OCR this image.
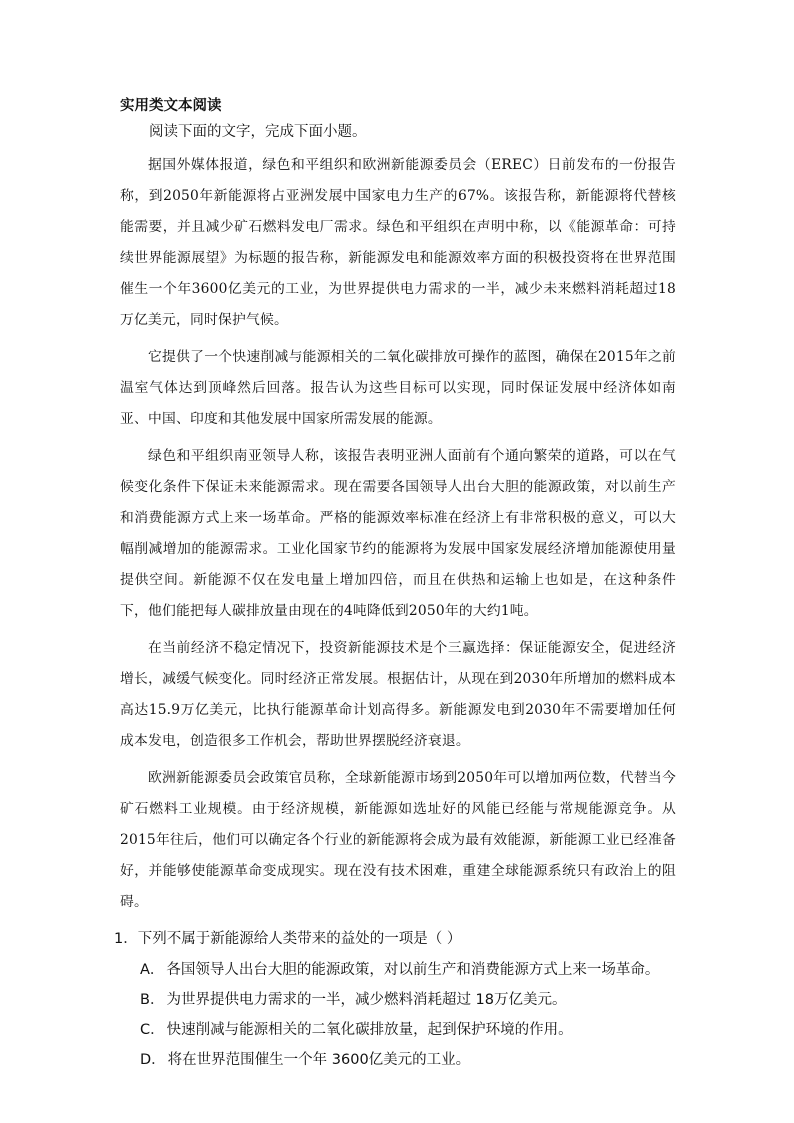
实用类文本阅读
阅读下面的文字，完成下面小题。

据国外媒体报道，绿色和平组织和欧洲新能源委员会（EREC）日前发布的一份报告称，到2050年新能源将占亚洲发展中国家电力生产的67%。该报告称，新能源将代替核能需要，并且减少矿石燃料发电厂需求。绿色和平组织在声明中称，以《能源革命：可持续世界能源展望》为标题的报告称，新能源发电和能源效率方面的积极投资将在世界范围催生一个年3600亿美元的工业，为世界提供电力需求的一半，减少未来燃料消耗超过18万亿美元，同时保护气候。

它提供了一个快速削减与能源相关的二氧化碳排放可操作的蓝图，确保在2015年之前温室气体达到顶峰然后回落。报告认为这些目标可以实现，同时保证发展中经济体如南亚、中国、印度和其他发展中国家所需发展的能源。

绿色和平组织南亚领导人称，该报告表明亚洲人面前有个通向繁荣的道路，可以在气候变化条件下保证未来能源需求。现在需要各国领导人出台大胆的能源政策，对以前生产和消费能源方式上来一场革命。严格的能源效率标准在经济上有非常积极的意义，可以大幅削减增加的能源需求。工业化国家节约的能源将为发展中国家发展经济增加能源使用量提供空间。新能源不仅在发电量上增加四倍，而且在供热和运输上也如是，在这种条件下，他们能把每人碳排放量由现在的4吨降低到2050年的大约1吨。

在当前经济不稳定情况下，投资新能源技术是个三赢选择：保证能源安全，促进经济增长，减缓气候变化。同时经济正常发展。根据估计，从现在到2030年所增加的燃料成本高达15.9万亿美元，比执行能源革命计划高得多。新能源发电到2030年不需要增加任何成本发电，创造很多工作机会，帮助世界摆脱经济衰退。

欧洲新能源委员会政策官员称，全球新能源市场到2050年可以增加两位数，代替当今矿石燃料工业规模。由于经济规模，新能源如选址好的风能已经能与常规能源竞争。从2015年往后，他们可以确定各个行业的新能源将会成为最有效能源，新能源工业已经准备好，并能够使能源革命变成现实。现在没有技术困难，重建全球能源系统只有政治上的阻碍。

1．下列不属于新能源给人类带来的益处的一项是（ ）

A． 各国领导人出台大胆的能源政策，对以前生产和消费能源方式上来一场革命。
B． 为世界提供电力需求的一半，减少燃料消耗超过 18万亿美元。
C． 快速削减与能源相关的二氧化碳排放量，起到保护环境的作用。
D． 将在世界范围催生一个年 3600亿美元的工业。
